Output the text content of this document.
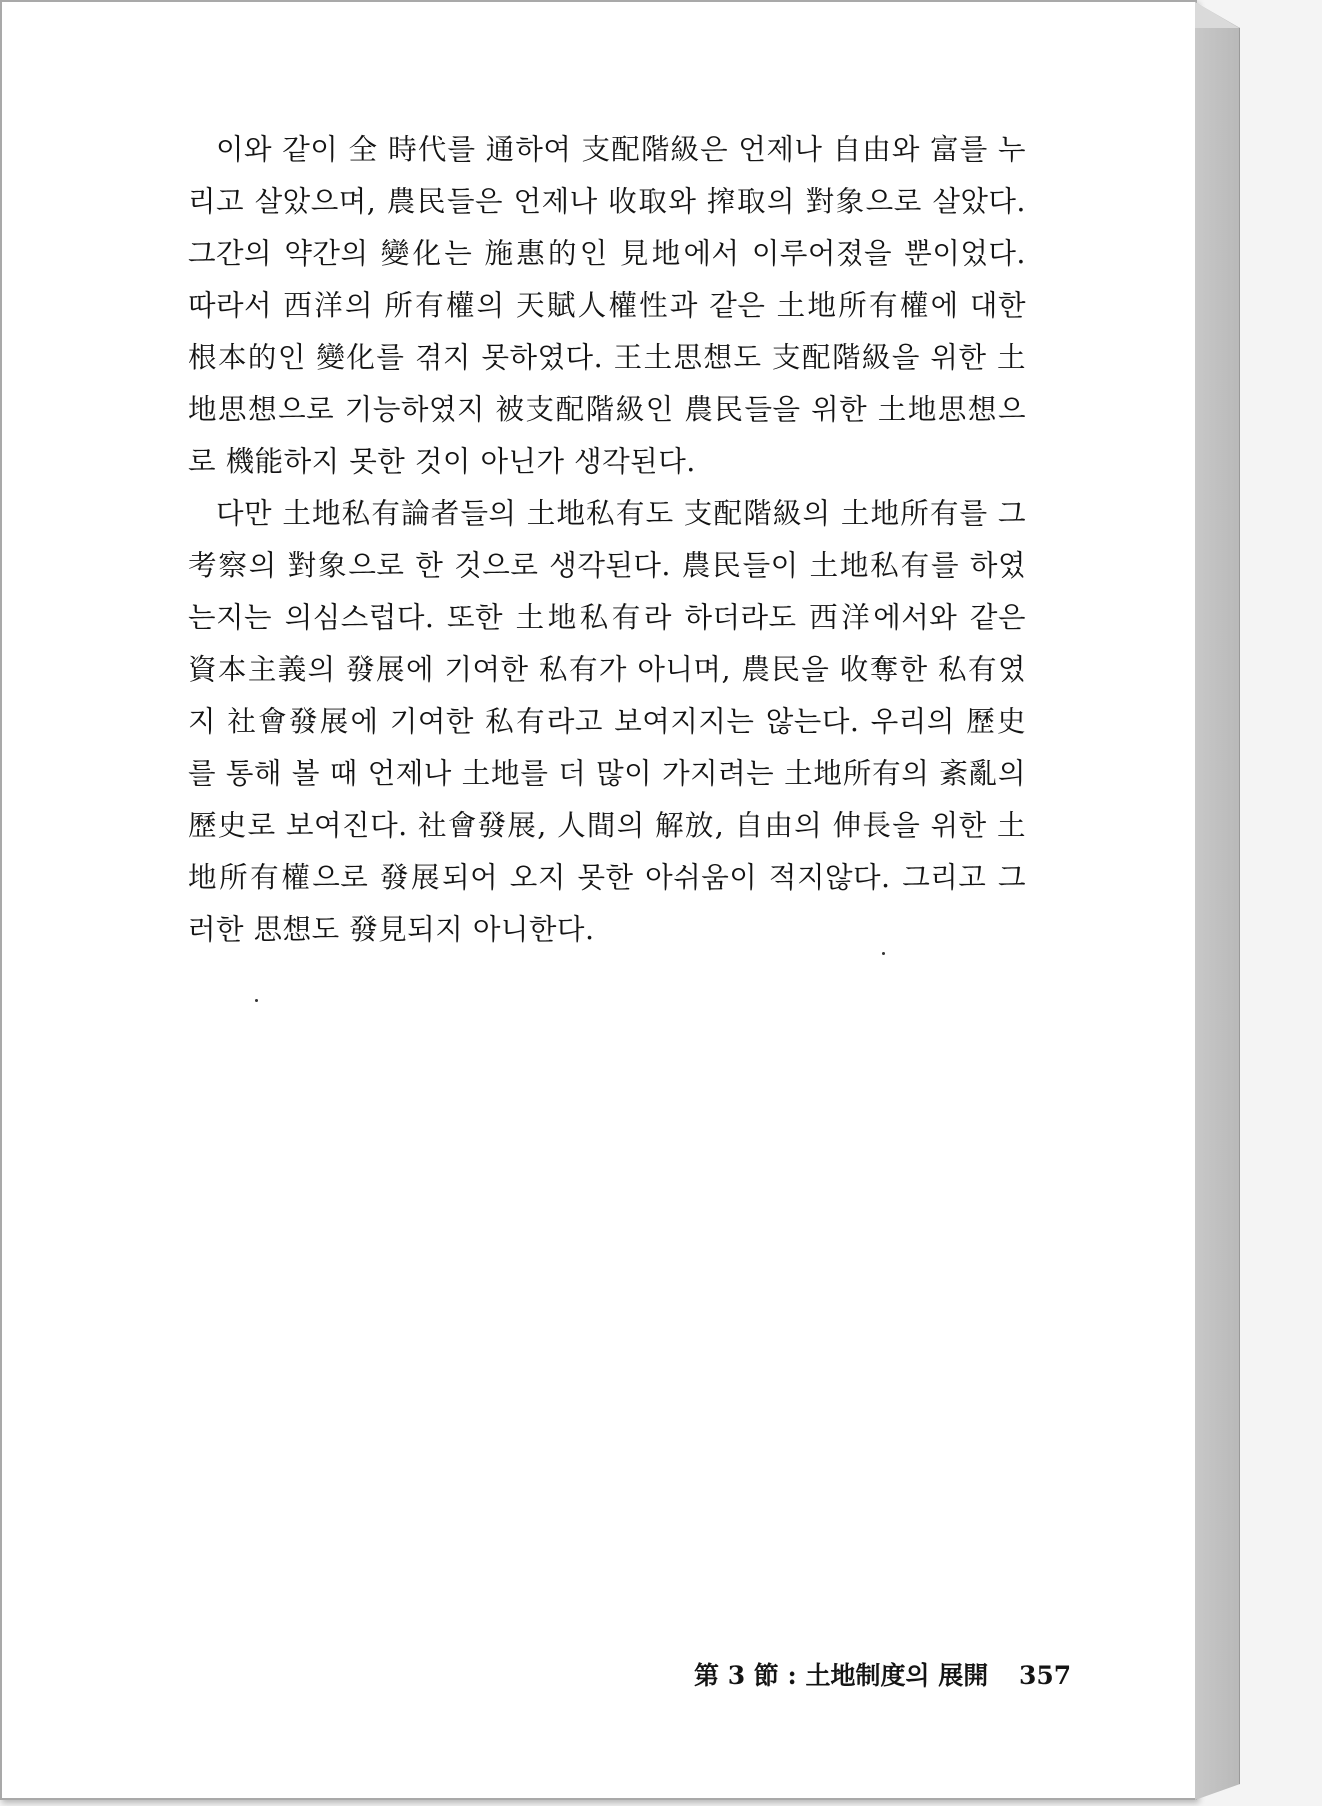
이와 같이 全 時代를 通하여 支配階級은 언제나 自由와 富를 누리고 살았으며, 農民들은 언제나 收取와 搾取의 對象으로 살았다. 그간의 약간의 變化는 施惠的인 見地에서 이루어졌을 뿐이었다. 따라서 西洋의 所有權의 天賦人權性과 같은 土地所有權에 대한 根本的인 變化를 겪지 못하였다. 王土思想도 支配階級을 위한 土地思想으로 기능하였지 被支配階級인 農民들을 위한 土地思想으로 機能하지 못한 것이 아닌가 생각된다.

다만 土地私有論者들의 土地私有도 支配階級의 土地所有를 그 考察의 對象으로 한 것으로 생각된다. 農民들이 土地私有를 하였는지는 의심스럽다. 또한 土地私有라 하더라도 西洋에서와 같은 資本主義의 發展에 기여한 私有가 아니며, 農民을 收奪한 私有였지 社會發展에 기여한 私有라고 보여지지는 않는다. 우리의 歷史를 통해 볼 때 언제나 土地를 더 많이 가지려는 土地所有의 紊亂의 歷史로 보여진다. 社會發展, 人間의 解放, 自由의 伸長을 위한 土地所有權으로 發展되어 오지 못한 아쉬움이 적지않다. 그리고 그러한 思想도 發見되지 아니한다.

第 3 節 : 土地制度의 展開 357
